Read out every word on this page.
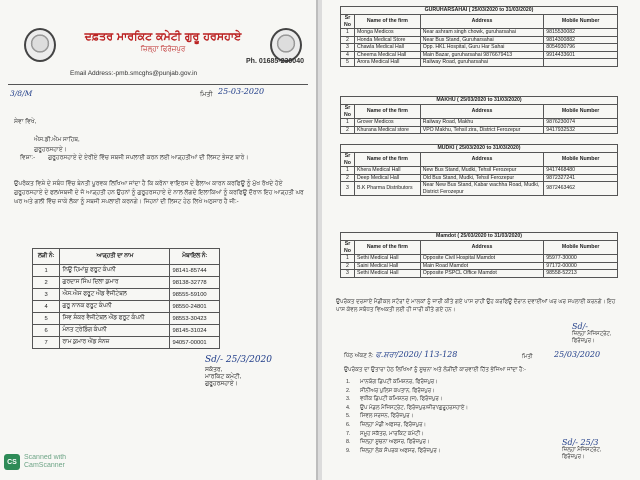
ਦਫ਼ਤਰ ਮਾਰਕਿਟ ਕਮੇਟੀ ਗੁਰੂ ਹਰਸਹਾਏ
ਜ਼ਿਲ੍ਹਾ ਫਿਰੋਜ਼ਪੁਰ
Ph. 01685-230040
Email Address:-pmb.smcghs@punjab.gov.in
3/8/M	ਮਿਤੀ 25-03-2020
ਸੇਵਾ ਵਿਖੇ,
ਐਸ.ਡੀ.ਐਮ ਸਾਹਿਬ,
ਗੁਰੂਹਰਸਹਾਏ।
ਵਿਸ਼ਾ:- ਗੁਰੂਹਰਸਹਾਏ ਦੇ ਏਰੀਏ ਵਿੱਚ ਸਬਜੀ ਸਪਲਾਈ ਕਰਨ ਲਈ ਆੜ੍ਹਤੀਆਂ ਦੀ ਲਿਸਟ ਭੇਜਣ ਬਾਰੇ।
ਉਪਰੋਕਤ ਵਿਸ਼ੇ ਦੇ ਸਬੰਧ ਵਿੱਚ ਬੇਨਤੀ ਪੂਰਵਕ ਲਿਖਿਆ ਜਾਂਦਾ ਹੈ ਕਿ ਕਰੋਨਾ ਵਾਇਰਸ ਦੇ ਫੈਲਾਅ ਕਾਰਨ ਕਰਫਿਊ ਨੂੰ ਮੁੱਖ ਰੱਖਦੇ ਹੋਏ ਗੁਰੂਹਰਸਹਾਏ ਦੇ ਫਲ/ਸਬਜੀ ਦੇ ਜੋ ਆੜ੍ਹਤੀ ਹਨ ਉਹਨਾਂ ਨੂੰ ਗੁਰੂਹਰਸਹਾਏ ਦੇ ਨਾਲ ਲੱਗਦੇ ਇਲਾਕਿਆਂ ਨੂੰ ਕਰਫਿਊ ਦੌਰਾਨ ਇਹ ਆੜ੍ਹਤੀ ਘਰ ਘਰ ਅਤੇ ਗਲੀ ਵਿੱਚ ਜਾਕੇ ਲੋਕਾ ਨੂੰ ਸਬਜੀ ਸਪਲਾਈ ਕਰਨਗੇ। ਜਿਹਨਾਂ ਦੀ ਲਿਸਟ ਹੇਠ ਲਿਖੇ ਅਨੁਸਾਰ ਹੈ ਜੀ:-
ਲੜੀ ਨੰ:	ਆੜ੍ਹਤੀ ਦਾ ਨਾਮ	ਮੋਬਾਇਲ ਨੰ:
1	ਨਿਊ ਹਿਮਾਂਸ਼ੂ ਫਰੂਟ ਕੰਪਨੀ	98141-85744
2	ਗੁਰਦਾਸ ਸਿੰਘ ਦਿਲਾ ਕੁਮਾਰ	98138-32778
3	ਐਸ.ਐਸ ਫਰੂਟ ਐਂਡ ਵੈਜੀਟੇਬਲ	98555-59100
4	ਗੁਰੂ ਨਾਨਕ ਫਰੂਟ ਕੰਪਨੀ	98550-24801
5	ਸਿਵ ਸ਼ੰਕਰ ਵੈਜੀਟੇਬਲ ਐਂਡ ਫਰੂਟ ਕੰਪਨੀ	98553-30423
6	ਮੰਨਤ ਟ੍ਰੇਡਿੰਗ ਕੰਪਨੀ	98145-31024
7	ਰਾਮ ਕੁਮਾਰ ਐਂਡ ਸੰਨਜ਼	94057-00001
Sd/- 25/3/2020
ਸਕੱਤਰ,
ਮਾਰਕਿਟ ਕਮੇਟੀ,
ਗੁਰੂਹਰਸਹਾਏ।
CS
Scanned with
CamScanner
GURUHARSAHAI ( 25/03/2020 to 31/03/2020)			
Sr No	Name of the firm	Address	Mobile Number
1	Monga Medicos	Near ashram singh chowk, guruharsahai	9815530082
2	Honda Medical Store	Near Bus Stand, Guruharsahai	9814300882
3	Chawla Medical Hall	Opp. HKL Hospital, Guru Har Sahai	8054930796
4	Cheema Medical Hall	Main Bazar, guruharsahai 9876679413	9914433601
5	Arora Medical Hall	Railway Road, guruharsahai	
MAKHU ( 25/03/2020 to 31/03/2020)			
Sr No	Name of the firm	Address	Mobile Number
1	Grover Medicos	Railway Road, Makhu	9876230074
2	Khurana Medical store	VPO Makhu, Tehsil zira, District Ferozepur	9417932532
MUDKI ( 25/03/2020 to 31/03/2020)			
Sr No	Name of the firm	Address	Mobile Number
1	Khera Medical Hall	New Bus Stand, Mudki, Tehsil Ferozepur	9417468480
2	Deep Medical Hall	Old Bus Stand, Mudki, Tehsil Ferozepur	9872327241
3	B.K Pharma Distributors	Near New Bus Stand, Kabar wachha Road, Mudki, District Ferozepur	9872463462
Mamdot ( 25/03/2020 to 31/03/2020)			
Sr No	Name of the firm	Address	Mobile Number
1	Sethi Medical Hall	Opposite Civil Hospital Mamdot	95977-30000
2	Saini Medical Hall	Main Road Mamdot	97172-00000
3	Sethi Medical Hall	Opposite PSPCL Office Mamdot	98558-52213
ਉਪਰੋਕਤ ਦਰਸਾਏ ਮੈਡੀਕਲ ਸਟੋਰਾਂ ਦੇ ਮਾਲਕਾਂ ਨੂੰ ਜਾਰੀ ਕੀਤੇ ਗਏ ਪਾਸ ਰਾਹੀਂ ਉਹ ਕਰਫਿਊ ਦੌਰਾਨ ਦਵਾਈਆਂ ਘਰ ਘਰ ਸਪਲਾਈ ਕਰਨਗੇ। ਇਹ ਪਾਸ ਕੇਵਲ ਸਬੰਧਤ ਵਿਅਕਤੀ ਲਈ ਹੀ ਜਾਰੀ ਕੀਤੇ ਗਏ ਹਨ।
Sd/-
ਜ਼ਿਲ੍ਹਾ ਮੈਜਿਸਟ੍ਰੇਟ,
ਫਿਰੋਜ਼ਪੁਰ।
ਪਿੱਠ ਅੰਕਣ ਨੰ: ਫ.ਸ਼ਰਾ/2020/ 113-128	ਮਿਤੀ	25/03/2020
ਉਪਰੋਕਤ ਦਾ ਉਤਾਰਾ ਹੇਠ ਲਿਖਿਆਂ ਨੂੰ ਸੂਚਨਾ ਅਤੇ ਲੋੜੀਂਦੀ ਕਾਰਵਾਈ ਹਿੱਤ ਭੇਜਿਆ ਜਾਂਦਾ ਹੈ:-
1. ਮਾਨਯੋਗ ਡਿਪਟੀ ਕਮਿਸ਼ਨਰ, ਫਿਰੋਜ਼ਪੁਰ।
2. ਸੀਨੀਅਰ ਪੁਲਿਸ ਕਪਤਾਨ, ਫਿਰੋਜ਼ਪੁਰ।
3. ਵਧੀਕ ਡਿਪਟੀ ਕਮਿਸ਼ਨਰ (ਜ), ਫਿਰੋਜ਼ਪੁਰ।
4. ਉਪ ਮੰਡਲ ਮੈਜਿਸਟ੍ਰੇਟ, ਫਿਰੋਜ਼ਪੁਰ/ਜ਼ੀਰਾ/ਗੁਰੂਹਰਸਹਾਏ।
5. ਸਿਵਲ ਸਰਜਨ, ਫਿਰੋਜ਼ਪੁਰ।
6. ਜ਼ਿਲ੍ਹਾ ਮੰਡੀ ਅਫਸਰ, ਫਿਰੋਜ਼ਪੁਰ।
7. ਸਮੂਹ ਸਕੱਤਰ, ਮਾਰਕਿਟ ਕਮੇਟੀ।
8. ਜ਼ਿਲ੍ਹਾ ਸੂਚਨਾ ਅਫਸਰ, ਫਿਰੋਜ਼ਪੁਰ।
9. ਜ਼ਿਲ੍ਹਾ ਲੋਕ ਸੰਪਰਕ ਅਫਸਰ, ਫਿਰੋਜ਼ਪੁਰ।
Sd/- 25/3
ਜ਼ਿਲ੍ਹਾ ਮੈਜਿਸਟ੍ਰੇਟ,
ਫਿਰੋਜ਼ਪੁਰ।
